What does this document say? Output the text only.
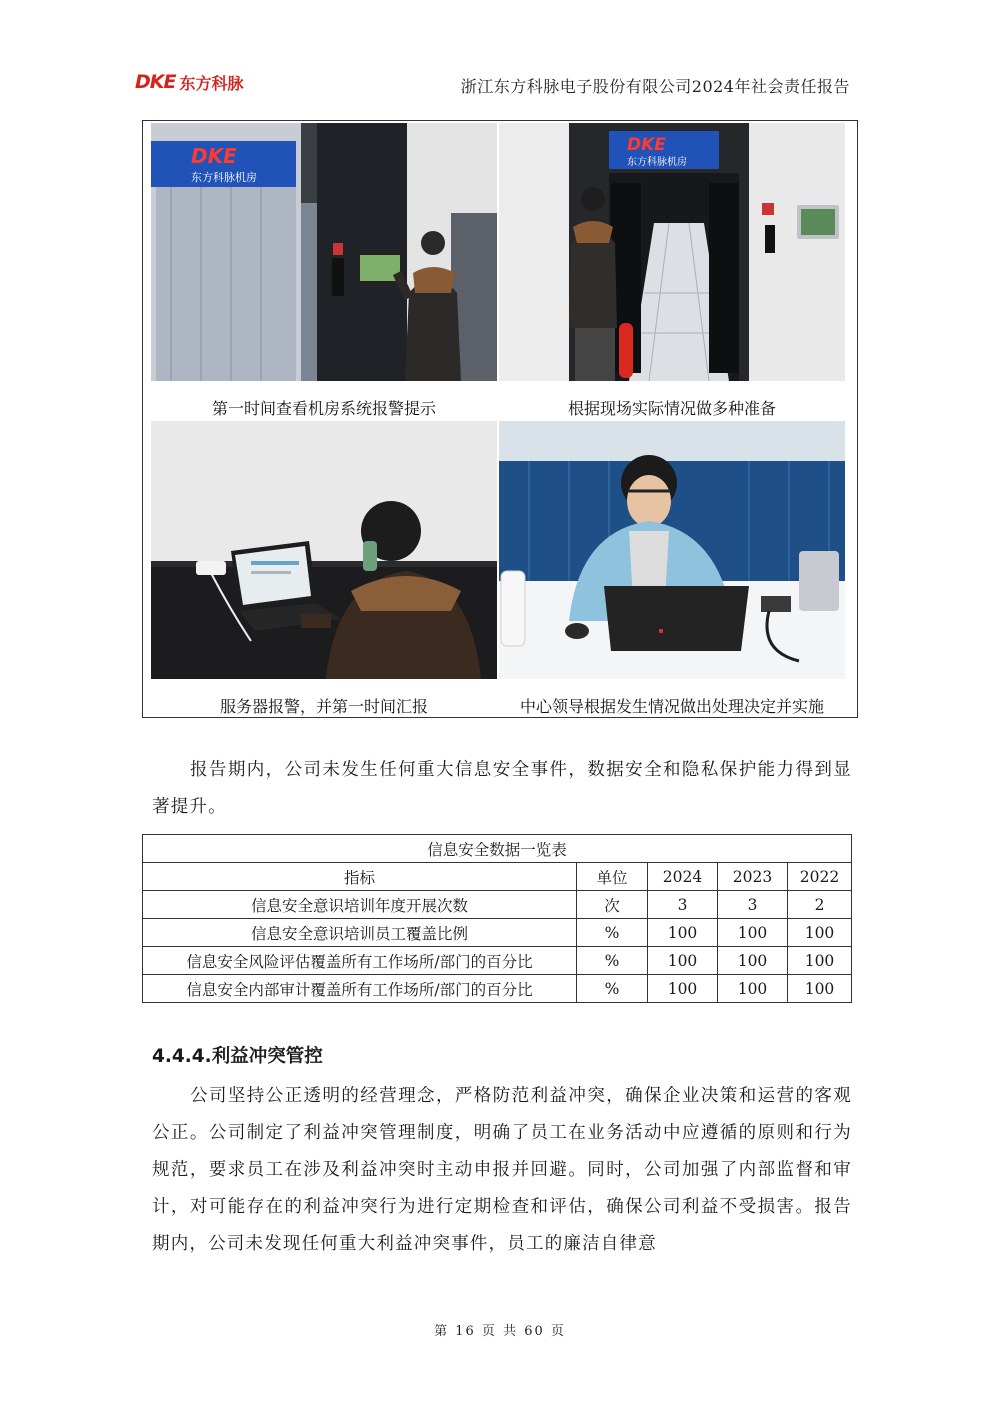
DKE 东方科脉	浙江东方科脉电子股份有限公司2024年社会责任报告
DKE
东方科脉机房
第一时间查看机房系统报警提示
DKE
东方科脉机房
根据现场实际情况做多种准备
服务器报警，并第一时间汇报	中心领导根据发生情况做出处理决定并实施

报告期内，公司未发生任何重大信息安全事件，数据安全和隐私保护能力得到显著提升。

信息安全数据一览表				
指标	单位	2024	2023	2022
信息安全意识培训年度开展次数	次	3	3	2
信息安全意识培训员工覆盖比例	%	100	100	100
信息安全风险评估覆盖所有工作场所/部门的百分比	%	100	100	100
信息安全内部审计覆盖所有工作场所/部门的百分比	%	100	100	100
4.4.4.利益冲突管控

公司坚持公正透明的经营理念，严格防范利益冲突，确保企业决策和运营的客观公正。公司制定了利益冲突管理制度，明确了员工在业务活动中应遵循的原则和行为规范，要求员工在涉及利益冲突时主动申报并回避。同时，公司加强了内部监督和审计，对可能存在的利益冲突行为进行定期检查和评估，确保公司利益不受损害。报告期内，公司未发现任何重大利益冲突事件，员工的廉洁自律意

第 16 页 共 60 页
